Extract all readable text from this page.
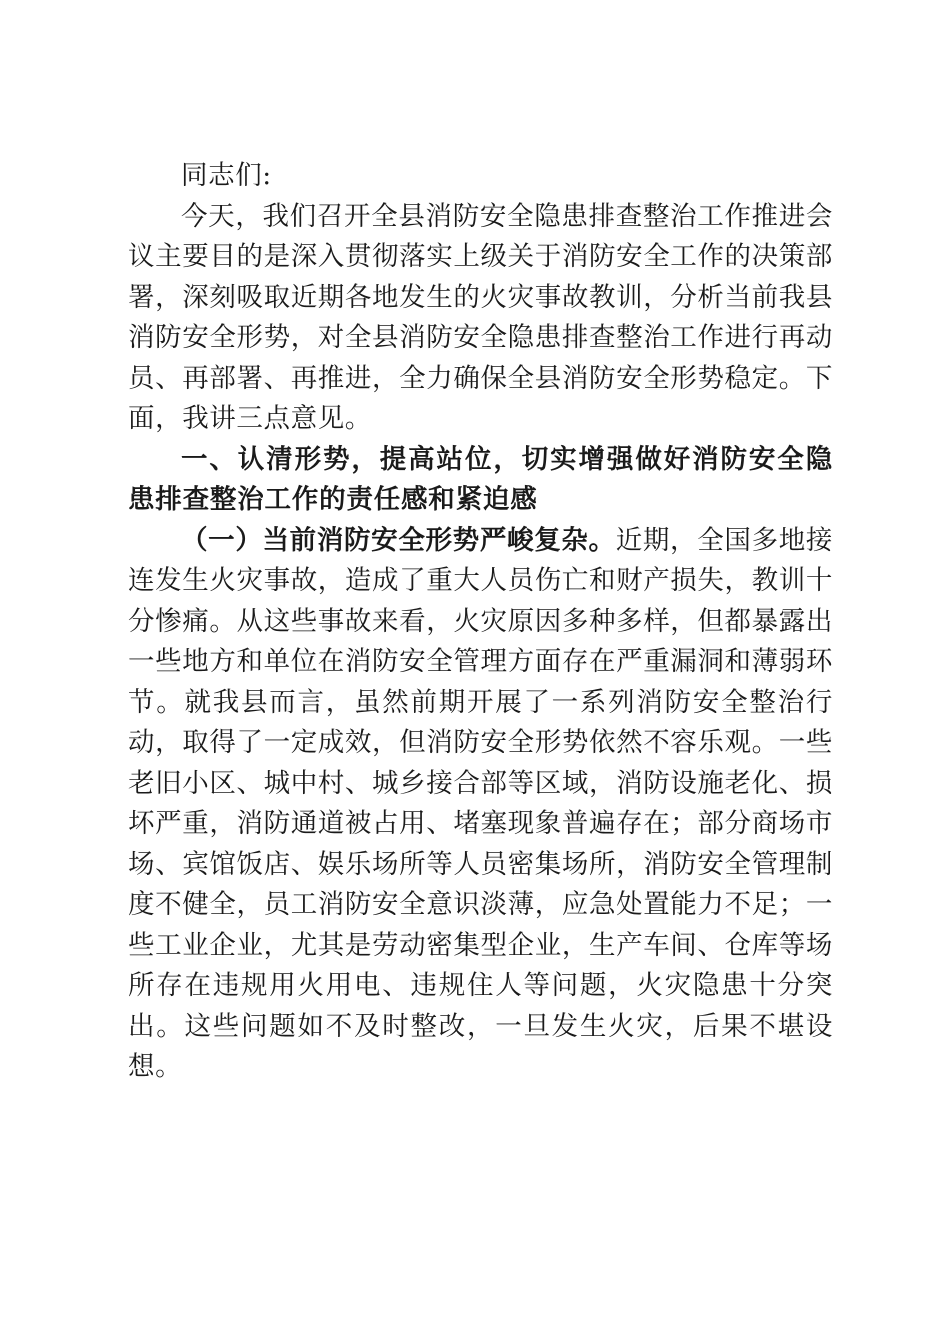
同志们:

今天，我们召开全县消防安全隐患排查整治工作推进会议主要目的是深入贯彻落实上级关于消防安全工作的决策部署，深刻吸取近期各地发生的火灾事故教训，分析当前我县消防安全形势，对全县消防安全隐患排查整治工作进行再动员、再部署、再推进，全力确保全县消防安全形势稳定。下面，我讲三点意见。

一、认清形势，提高站位，切实增强做好消防安全隐患排查整治工作的责任感和紧迫感

（一）当前消防安全形势严峻复杂。近期，全国多地接连发生火灾事故，造成了重大人员伤亡和财产损失，教训十分惨痛。从这些事故来看，火灾原因多种多样，但都暴露出一些地方和单位在消防安全管理方面存在严重漏洞和薄弱环节。就我县而言，虽然前期开展了一系列消防安全整治行动，取得了一定成效，但消防安全形势依然不容乐观。一些老旧小区、城中村、城乡接合部等区域，消防设施老化、损坏严重，消防通道被占用、堵塞现象普遍存在；部分商场市场、宾馆饭店、娱乐场所等人员密集场所，消防安全管理制度不健全，员工消防安全意识淡薄，应急处置能力不足；一些工业企业，尤其是劳动密集型企业，生产车间、仓库等场所存在违规用火用电、违规住人等问题，火灾隐患十分突出。这些问题如不及时整改，一旦发生火灾，后果不堪设想。
